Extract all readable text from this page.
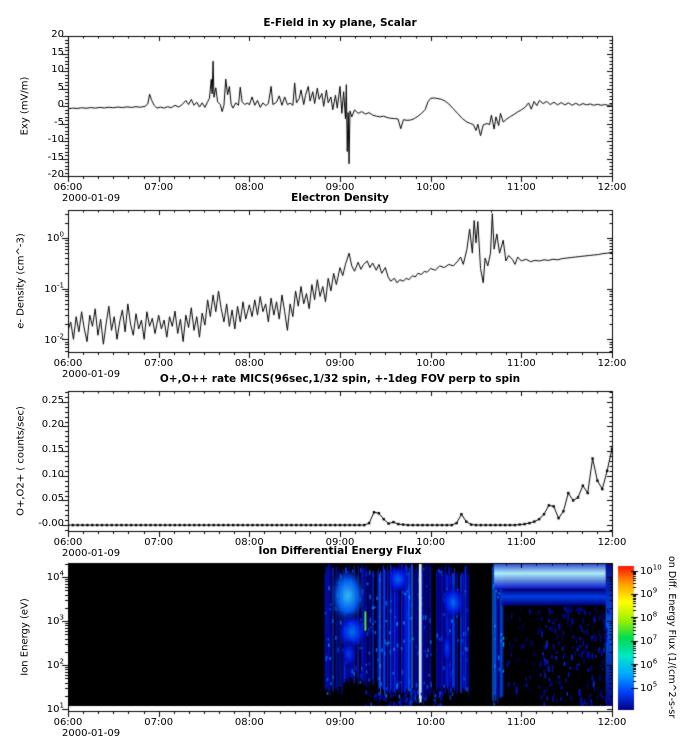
E-Field in xy plane, Scalar
Electron Density
O+,O++ rate MICS(96sec,1/32 spin, +-1deg FOV perp to spin
Ion Differential Energy Flux
Exy (mV/m)
e- Density (cm^-3)
O+,O2+ ( counts/sec)
Ion Energy (eV)
2000-01-09
2000-01-09
2000-01-09
2000-01-09
on Diff. Energy Flux (1/(cm^2-s-sr
06:00	07:00	08:00	09:00	10:00	11:00	12:00
20
15
10
5
0
-5
-10
-15
-20
06:00	07:00	08:00	09:00	10:00	11:00	12:00
$10^0$
$10^{-1}$
$10^{-2}$
06:00	07:00	08:00	09:00	10:00	11:00	12:00
0.25
0.20
0.15
0.10
0.05
-0.00
06:00	07:00	08:00	09:00	10:00	11:00	12:00
$10^4$
$10^3$
$10^2$
$10^1$
$10^{10}$
$10^9$
$10^8$
$10^7$
$10^6$
$10^5$
